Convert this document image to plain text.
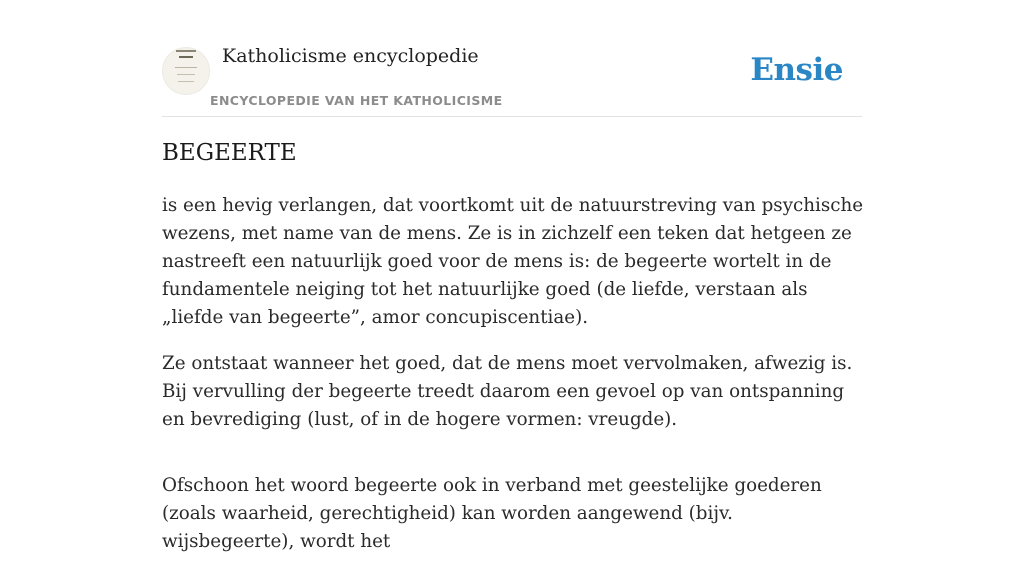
Katholicisme encyclopedie
ENCYCLOPEDIE VAN HET KATHOLICISME
Ensie
BEGEERTE

is een hevig verlangen, dat voortkomt uit de natuurstreving van psychische wezens, met name van de mens. Ze is in zichzelf een teken dat hetgeen ze nastreeft een natuurlijk goed voor de mens is: de begeerte wortelt in de fundamentele neiging tot het natuurlijke goed (de liefde, verstaan als „liefde van begeerte”, amor concupiscentiae).

Ze ontstaat wanneer het goed, dat de mens moet vervolmaken, afwezig is. Bij vervulling der begeerte treedt daarom een gevoel op van ontspanning en bevrediging (lust, of in de hogere vormen: vreugde).

Ofschoon het woord begeerte ook in verband met geestelijke goederen (zoals waarheid, gerechtigheid) kan worden aangewend (bijv. wijsbegeerte), wordt het
